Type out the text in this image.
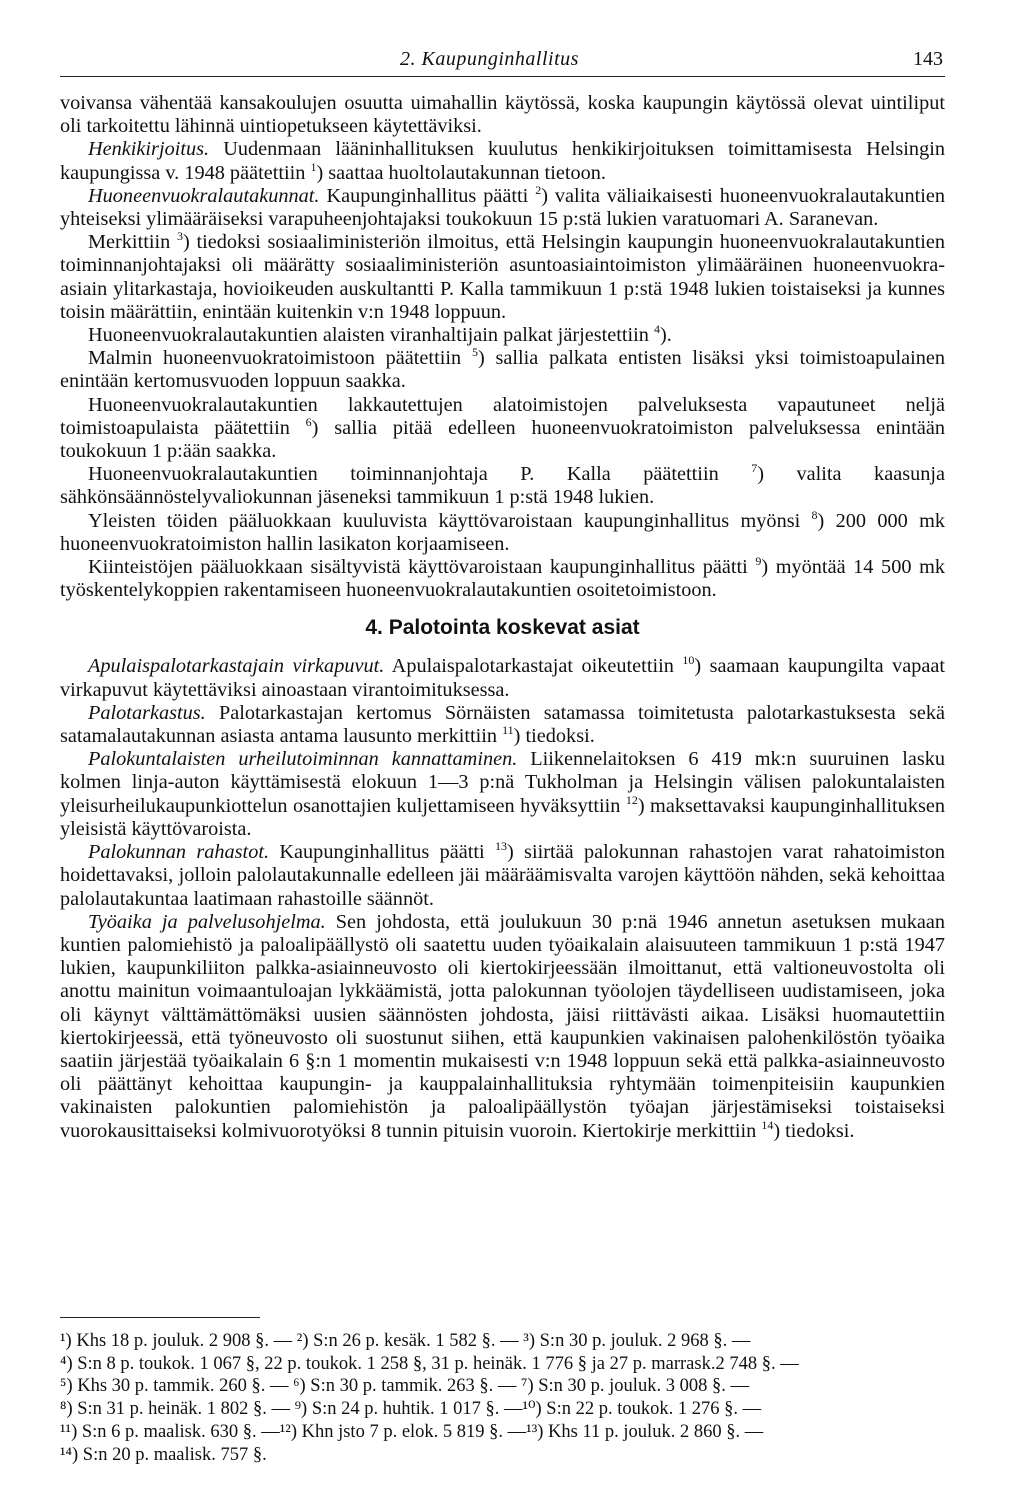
2. Kaupunginhallitus	143

voivansa vähentää kansakoulujen osuutta uimahallin käytössä, koska kaupungin käytössä olevat uintiliput oli tarkoitettu lähinnä uintiopetukseen käytettäviksi.

Henkikirjoitus. Uudenmaan lääninhallituksen kuulutus henkikirjoituksen toimittamisesta Helsingin kaupungissa v. 1948 päätettiin $^1$) saattaa huoltolautakunnan tietoon.

Huoneenvuokralautakunnat. Kaupunginhallitus päätti $^2$) valita väliaikaisesti huoneenvuokralautakuntien yhteiseksi ylimääräiseksi varapuheenjohtajaksi toukokuun 15 p:stä lukien varatuomari A. Saranevan.

Merkittiin $^3$) tiedoksi sosiaaliministeriön ilmoitus, että Helsingin kaupungin huoneenvuokralautakuntien toiminnanjohtajaksi oli määrätty sosiaaliministeriön asuntoasiaintoimiston ylimääräinen huoneenvuokra-asiain ylitarkastaja, hovioikeuden auskultantti P. Kalla tammikuun 1 p:stä 1948 lukien toistaiseksi ja kunnes toisin määrättiin, enintään kuitenkin v:n 1948 loppuun.

Huoneenvuokralautakuntien alaisten viranhaltijain palkat järjestettiin $^4$).

Malmin huoneenvuokratoimistoon päätettiin $^5$) sallia palkata entisten lisäksi yksi toimistoapulainen enintään kertomusvuoden loppuun saakka.

Huoneenvuokralautakuntien lakkautettujen alatoimistojen palveluksesta vapautuneet neljä toimistoapulaista päätettiin $^6$) sallia pitää edelleen huoneenvuokratoimiston palveluksessa enintään toukokuun 1 p:ään saakka.

Huoneenvuokralautakuntien toiminnanjohtaja P. Kalla päätettiin $^7$) valita kaasunja sähkönsäännöstelyvaliokunnan jäseneksi tammikuun 1 p:stä 1948 lukien.

Yleisten töiden pääluokkaan kuuluvista käyttövaroistaan kaupunginhallitus myönsi $^8$) 200 000 mk huoneenvuokratoimiston hallin lasikaton korjaamiseen.

Kiinteistöjen pääluokkaan sisältyvistä käyttövaroistaan kaupunginhallitus päätti $^9$) myöntää 14 500 mk työskentelykoppien rakentamiseen huoneenvuokralautakuntien osoitetoimistoon.

4. Palotointa koskevat asiat

Apulaispalotarkastajain virkapuvut. Apulaispalotarkastajat oikeutettiin $^{10}$) saamaan kaupungilta vapaat virkapuvut käytettäviksi ainoastaan virantoimituksessa.

Palotarkastus. Palotarkastajan kertomus Sörnäisten satamassa toimitetusta palotarkastuksesta sekä satamalautakunnan asiasta antama lausunto merkittiin $^{11}$) tiedoksi.

Palokuntalaisten urheilutoiminnan kannattaminen. Liikennelaitoksen 6 419 mk:n suuruinen lasku kolmen linja-auton käyttämisestä elokuun 1—3 p:nä Tukholman ja Helsingin välisen palokuntalaisten yleisurheilukaupunkiottelun osanottajien kuljettamiseen hyväksyttiin $^{12}$) maksettavaksi kaupunginhallituksen yleisistä käyttövaroista.

Palokunnan rahastot. Kaupunginhallitus päätti $^{13}$) siirtää palokunnan rahastojen varat rahatoimiston hoidettavaksi, jolloin palolautakunnalle edelleen jäi määräämisvalta varojen käyttöön nähden, sekä kehoittaa palolautakuntaa laatimaan rahastoille säännöt.

Työaika ja palvelusohjelma. Sen johdosta, että joulukuun 30 p:nä 1946 annetun asetuksen mukaan kuntien palomiehistö ja paloalipäällystö oli saatettu uuden työaikalain alaisuuteen tammikuun 1 p:stä 1947 lukien, kaupunkiliiton palkka-asiainneuvosto oli kiertokirjeessään ilmoittanut, että valtioneuvostolta oli anottu mainitun voimaantuloajan lykkäämistä, jotta palokunnan työolojen täydelliseen uudistamiseen, joka oli käynyt välttämättömäksi uusien säännösten johdosta, jäisi riittävästi aikaa. Lisäksi huomautettiin kiertokirjeessä, että työneuvosto oli suostunut siihen, että kaupunkien vakinaisen palohenkilöstön työaika saatiin järjestää työaikalain 6 §:n 1 momentin mukaisesti v:n 1948 loppuun sekä että palkka-asiainneuvosto oli päättänyt kehoittaa kaupungin- ja kauppalainhallituksia ryhtymään toimenpiteisiin kaupunkien vakinaisten palokuntien palomiehistön ja paloalipäällystön työajan järjestämiseksi toistaiseksi vuorokausittaiseksi kolmivuorotyöksi 8 tunnin pituisin vuoroin. Kiertokirje merkittiin $^{14}$) tiedoksi.

¹) Khs 18 p. jouluk. 2 908 §. — ²) S:n 26 p. kesäk. 1 582 §. — ³) S:n 30 p. jouluk. 2 968 §. —

⁴) S:n 8 p. toukok. 1 067 §, 22 p. toukok. 1 258 §, 31 p. heinäk. 1 776 § ja 27 p. marrask.2 748 §. —

⁵) Khs 30 p. tammik. 260 §. — ⁶) S:n 30 p. tammik. 263 §. — ⁷) S:n 30 p. jouluk. 3 008 §. —

⁸) S:n 31 p. heinäk. 1 802 §. — ⁹) S:n 24 p. huhtik. 1 017 §. —¹⁰) S:n 22 p. toukok. 1 276 §. —

¹¹) S:n 6 p. maalisk. 630 §. —¹²) Khn jsto 7 p. elok. 5 819 §. —¹³) Khs 11 p. jouluk. 2 860 §. —

¹⁴) S:n 20 p. maalisk. 757 §.
